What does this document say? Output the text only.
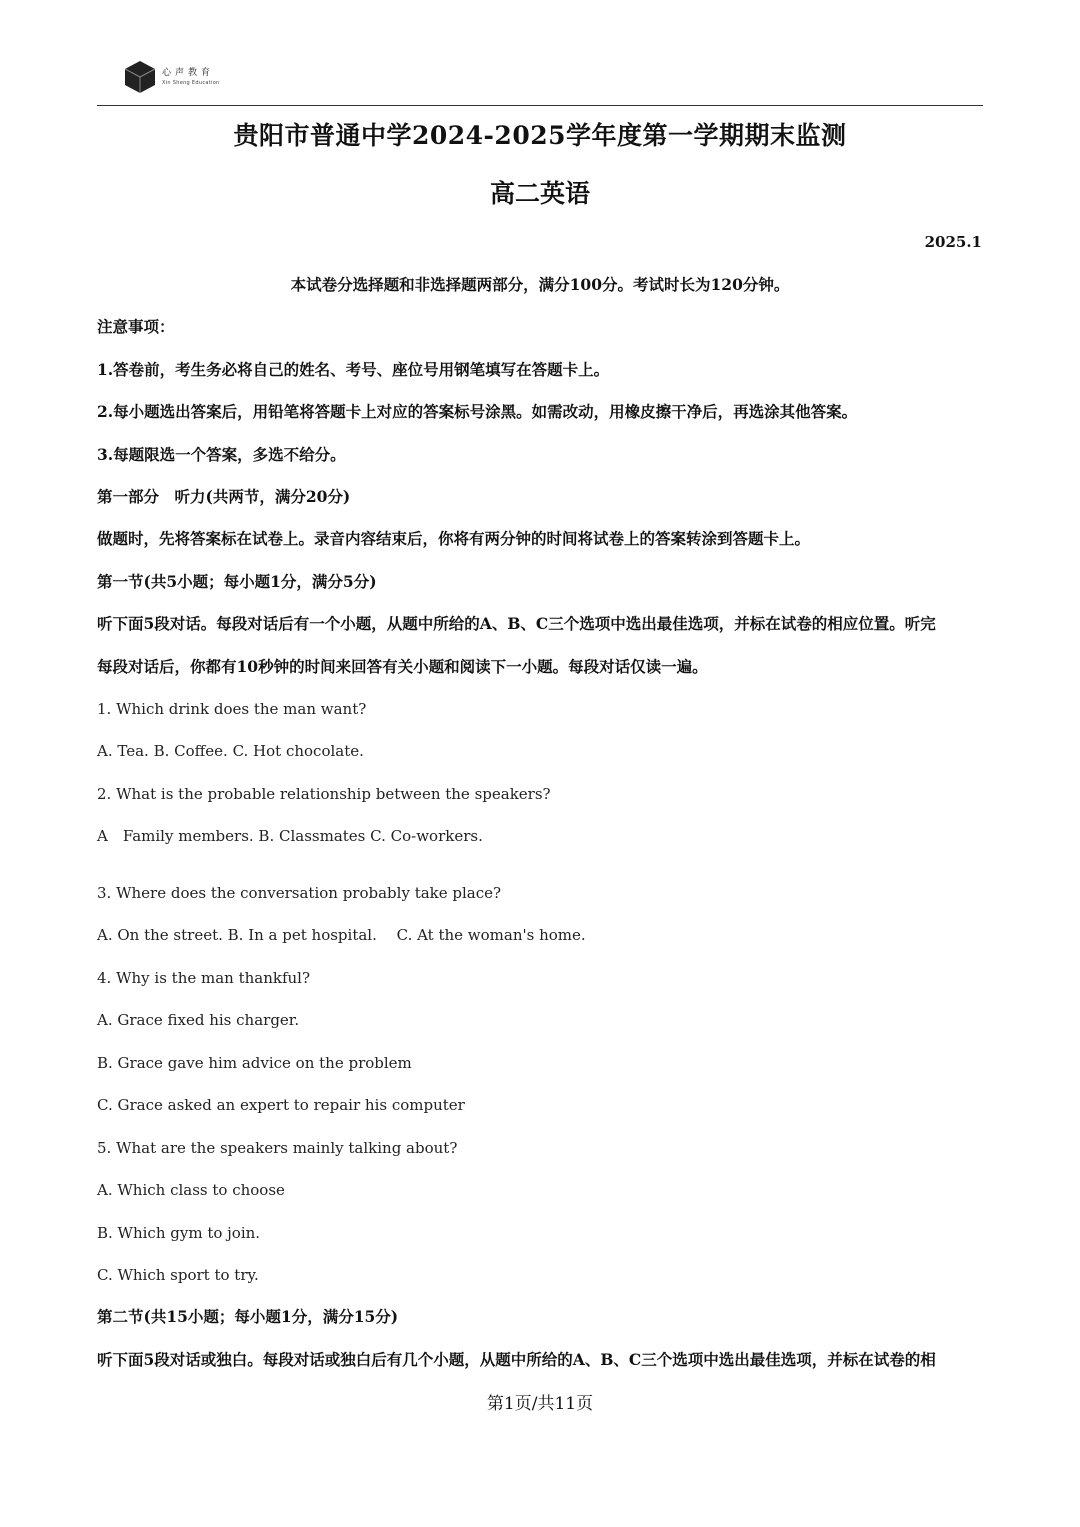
心声教育
Xin Sheng Education
贵阳市普通中学2024-2025学年度第一学期期末监测
高二英语
2025.1
本试卷分选择题和非选择题两部分，满分100分。考试时长为120分钟。
注意事项：
1.答卷前，考生务必将自己的姓名、考号、座位号用钢笔填写在答题卡上。
2.每小题选出答案后，用铅笔将答题卡上对应的答案标号涂黑。如需改动，用橡皮擦干净后，再选涂其他答案。
3.每题限选一个答案，多选不给分。
第一部分　听力(共两节，满分20分)
做题时，先将答案标在试卷上。录音内容结束后，你将有两分钟的时间将试卷上的答案转涂到答题卡上。
第一节(共5小题；每小题1分，满分5分)
听下面5段对话。每段对话后有一个小题，从题中所给的A、B、C三个选项中选出最佳选项，并标在试卷的相应位置。听完
每段对话后，你都有10秒钟的时间来回答有关小题和阅读下一小题。每段对话仅读一遍。
1. Which drink does the man want?
A. Tea. B. Coffee. C. Hot chocolate.
2. What is the probable relationship between the speakers?
A　Family members. B. Classmates C. Co-workers.
3. Where does the conversation probably take place?
A. On the street. B. In a pet hospital.　 C. At the woman's home.
4. Why is the man thankful?
A. Grace fixed his charger.
B. Grace gave him advice on the problem
C. Grace asked an expert to repair his computer
5. What are the speakers mainly talking about?
A. Which class to choose
B. Which gym to join.
C. Which sport to try.
第二节(共15小题；每小题1分，满分15分)
听下面5段对话或独白。每段对话或独白后有几个小题，从题中所给的A、B、C三个选项中选出最佳选项，并标在试卷的相
第1页/共11页
